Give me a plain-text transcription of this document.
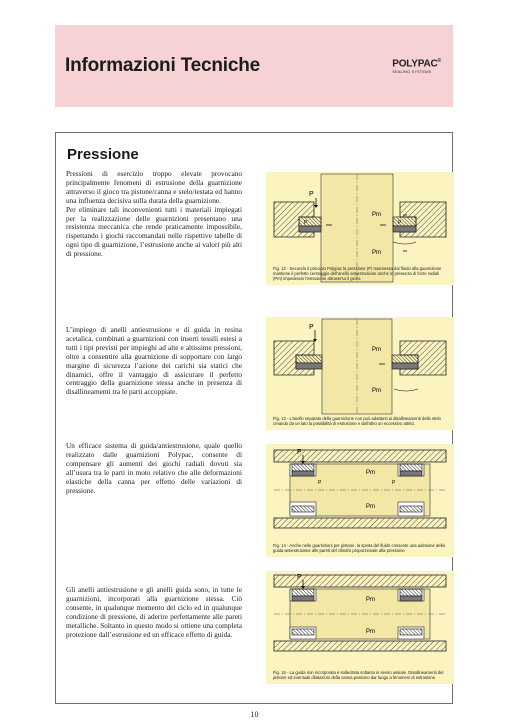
Informazioni Tecniche	POLYPAC®
SEALING SYSTEMS
Pressione

Pressioni di esercizio troppo elevate provocano principalmente fenomeni di estrusione della guarnizione attraverso il gioco tra pistone/canna e stelo/testata ed hanno una influenza decisiva sulla durata della guarnizione.

Per eliminare tali inconvenienti tutti i materiali impiegati per la realizzazione delle guarnizioni presentano una resistenza meccanica che rende praticamente impossibile, rispettando i giochi raccomandati nelle rispettive tabelle di ogni tipo di guarnizione, l’estrusione anche ai valori più alti di pressione.

L’impiego di anelli antiestrusione e di guida in resina acetalica, combinati a guarnizioni con inserti tessili estesi a tutti i tipi previsti per impieghi ad alte e altissime pressioni, oltre a consentire alla guarnizione di sopportare con largo margine di sicurezza l’azione dei carichi sia statici che dinamici, offre il vantaggio di assicurare il perfetto centraggio della guarnizione stessa anche in presenza di disallineamenti tra le parti accoppiate.

Un efficace sistema di guida/antiestrusione, quale quello realizzato dalle guarnizioni Polypac, consente di compensare gli aumenti dei giochi radiali dovuti sia all’usura tra le parti in moto relativo che alle deformazioni elastiche della canna per effetto delle variazioni di pressione.

Gli anelli antiestrusione e gli anelli guida sono, in tutte le guarnizioni, incorporati alla guarnizione stessa. Ciò consente, in qualunque momento del ciclo ed in qualunque condizione di pressione, di aderire perfettamente alle pareti metalliche. Soltanto in questo modo si ottiene una completa protezione dall’estrusione ed un efficace effetto di guida.

P
Pm
Pm
P	P
Fig. 12 - Secondo il principio Polypac la pressione (P) trasmessa dal fluido alla guarnizione mantiene il perfetto centraggio dell’anello antiestrusione anche in presenza di forze radiali (Pm) impedendo l’estrusione attraverso il gioco.
P
Pm
Pm
Fig. 13 - L’anello separato della guarnizione non può adattarsi ai disallineamenti dello stelo creando da un lato la possibilità di estrusione e dall’altro un eccessivo attrito.
P
Pm
Pm
P	P
Fig. 14 - Anche nelle guarnizioni per pistone, la spinta del fluido consente una adesione della guida-antiestrusione alle pareti del cilindro proporzionale alla pressione
P
Pm
Pm
Fig. 15 - La guida non incorporata è sollecitata soltanto in senso assiale. Disallineamenti del pistone ed eventuali dilatazioni della canna possono dar luogo a fenomeni di estrusione.
10
